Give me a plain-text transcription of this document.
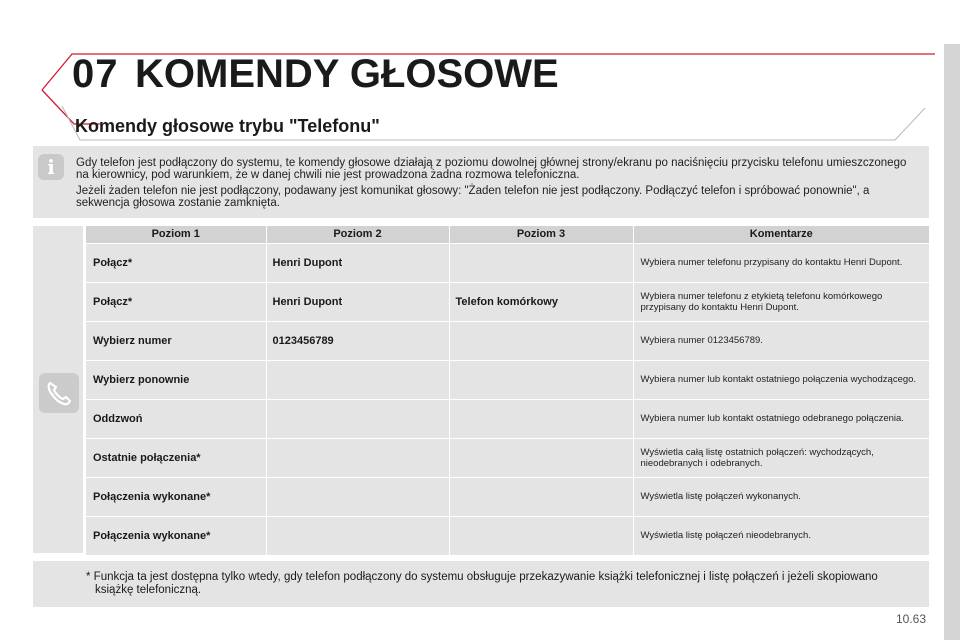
07 KOMENDY GŁOSOWE
Komendy głosowe trybu "Telefonu"
i	Gdy telefon jest podłączony do systemu, te komendy głosowe działają z poziomu dowolnej głównej strony/ekranu po naciśnięciu przycisku telefonu umieszczonego na kierownicy, pod warunkiem, że w danej chwili nie jest prowadzona żadna rozmowa telefoniczna.

Jeżeli żaden telefon nie jest podłączony, podawany jest komunikat głosowy: "Żaden telefon nie jest podłączony. Podłączyć telefon i spróbować ponownie", a sekwencja głosowa zostanie zamknięta.

Poziom 1	Poziom 2	Poziom 3	Komentarze
Połącz*	Henri Dupont		Wybiera numer telefonu przypisany do kontaktu Henri Dupont.
Połącz*	Henri Dupont	Telefon komórkowy	Wybiera numer telefonu z etykietą telefonu komórkowego przypisany do kontaktu Henri Dupont.
Wybierz numer	0123456789		Wybiera numer 0123456789.
Wybierz ponownie			Wybiera numer lub kontakt ostatniego połączenia wychodzącego.
Oddzwoń			Wybiera numer lub kontakt ostatniego odebranego połączenia.
Ostatnie połączenia*			Wyświetla całą listę ostatnich połączeń: wychodzących, nieodebranych i odebranych.
Połączenia wykonane*			Wyświetla listę połączeń wykonanych.
Połączenia wykonane*			Wyświetla listę połączeń nieodebranych.
* Funkcja ta jest dostępna tylko wtedy, gdy telefon podłączony do systemu obsługuje przekazywanie książki telefonicznej i listę połączeń i jeżeli skopiowano książkę telefoniczną.
10.63
